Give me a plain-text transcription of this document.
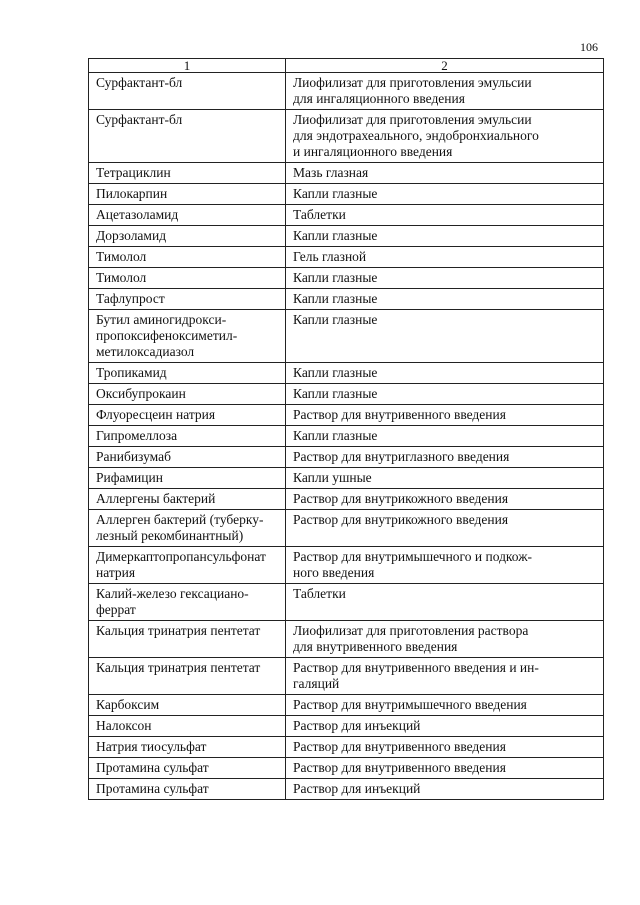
106
1	2
Сурфактант-бл	Лиофилизат для приготовления эмульсии
для ингаляционного введения
Сурфактант-бл	Лиофилизат для приготовления эмульсии
для эндотрахеального, эндобронхиального
и ингаляционного введения
Тетрациклин	Мазь глазная
Пилокарпин	Капли глазные
Ацетазоламид	Таблетки
Дорзоламид	Капли глазные
Тимолол	Гель глазной
Тимолол	Капли глазные
Тафлупрост	Капли глазные
Бутил аминогидрокси-
пропоксифеноксиметил-
метилоксадиазол	Капли глазные
Тропикамид	Капли глазные
Оксибупрокаин	Капли глазные
Флуоресцеин натрия	Раствор для внутривенного введения
Гипромеллоза	Капли глазные
Ранибизумаб	Раствор для внутриглазного введения
Рифамицин	Капли ушные
Аллергены бактерий	Раствор для внутрикожного введения
Аллерген бактерий (туберку-
лезный рекомбинантный)	Раствор для внутрикожного введения
Димеркаптопропансульфонат
натрия	Раствор для внутримышечного и подкож-
ного введения
Калий-железо гексациано-
феррат	Таблетки
Кальция тринатрия пентетат	Лиофилизат для приготовления раствора
для внутривенного введения
Кальция тринатрия пентетат	Раствор для внутривенного введения и ин-
галяций
Карбоксим	Раствор для внутримышечного введения
Налоксон	Раствор для инъекций
Натрия тиосульфат	Раствор для внутривенного введения
Протамина сульфат	Раствор для внутривенного введения
Протамина сульфат	Раствор для инъекций
